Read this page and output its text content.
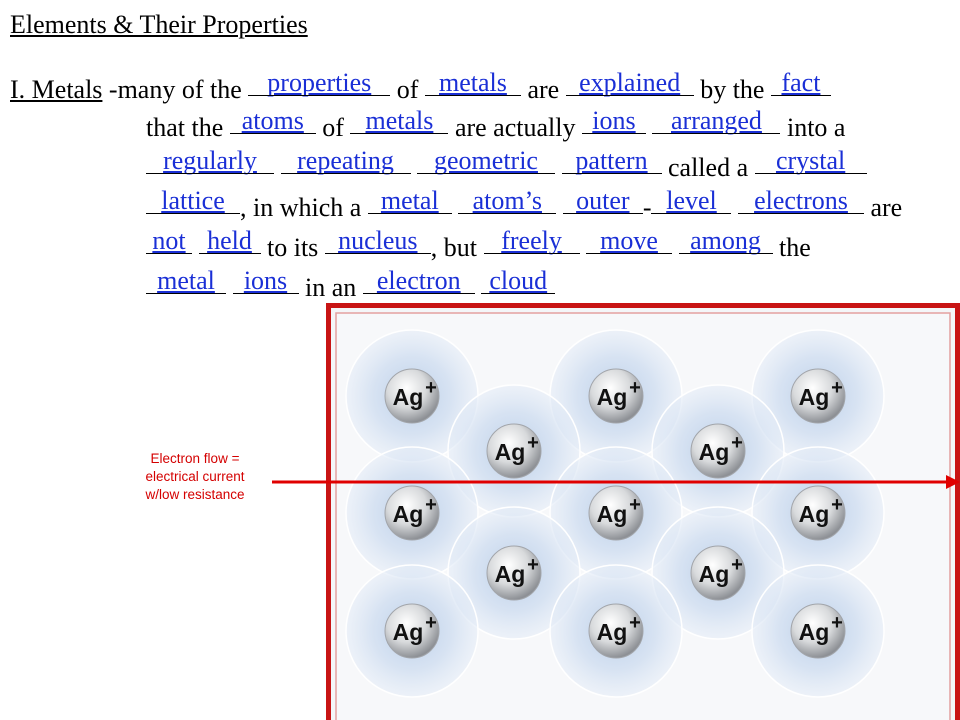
Elements & Their Properties
I. Metals -many of the properties of metals are explained by the fact
that the atoms of metals are actually ions
	arranged into a
regularly
	repeating
	geometric
	pattern called a	crystal
lattice , in which a metal
	atom’s
	outer - level
	electrons are
not
held to its nucleus , but freely
	move
	among the
metal
	ions in an electron
	cloud
Ag +	Ag +	Ag +
Ag +	Ag +
Ag +	Ag +	Ag +
Ag +	Ag +
Ag +	Ag +	Ag +
Electron flow =
electrical current
w/low resistance
